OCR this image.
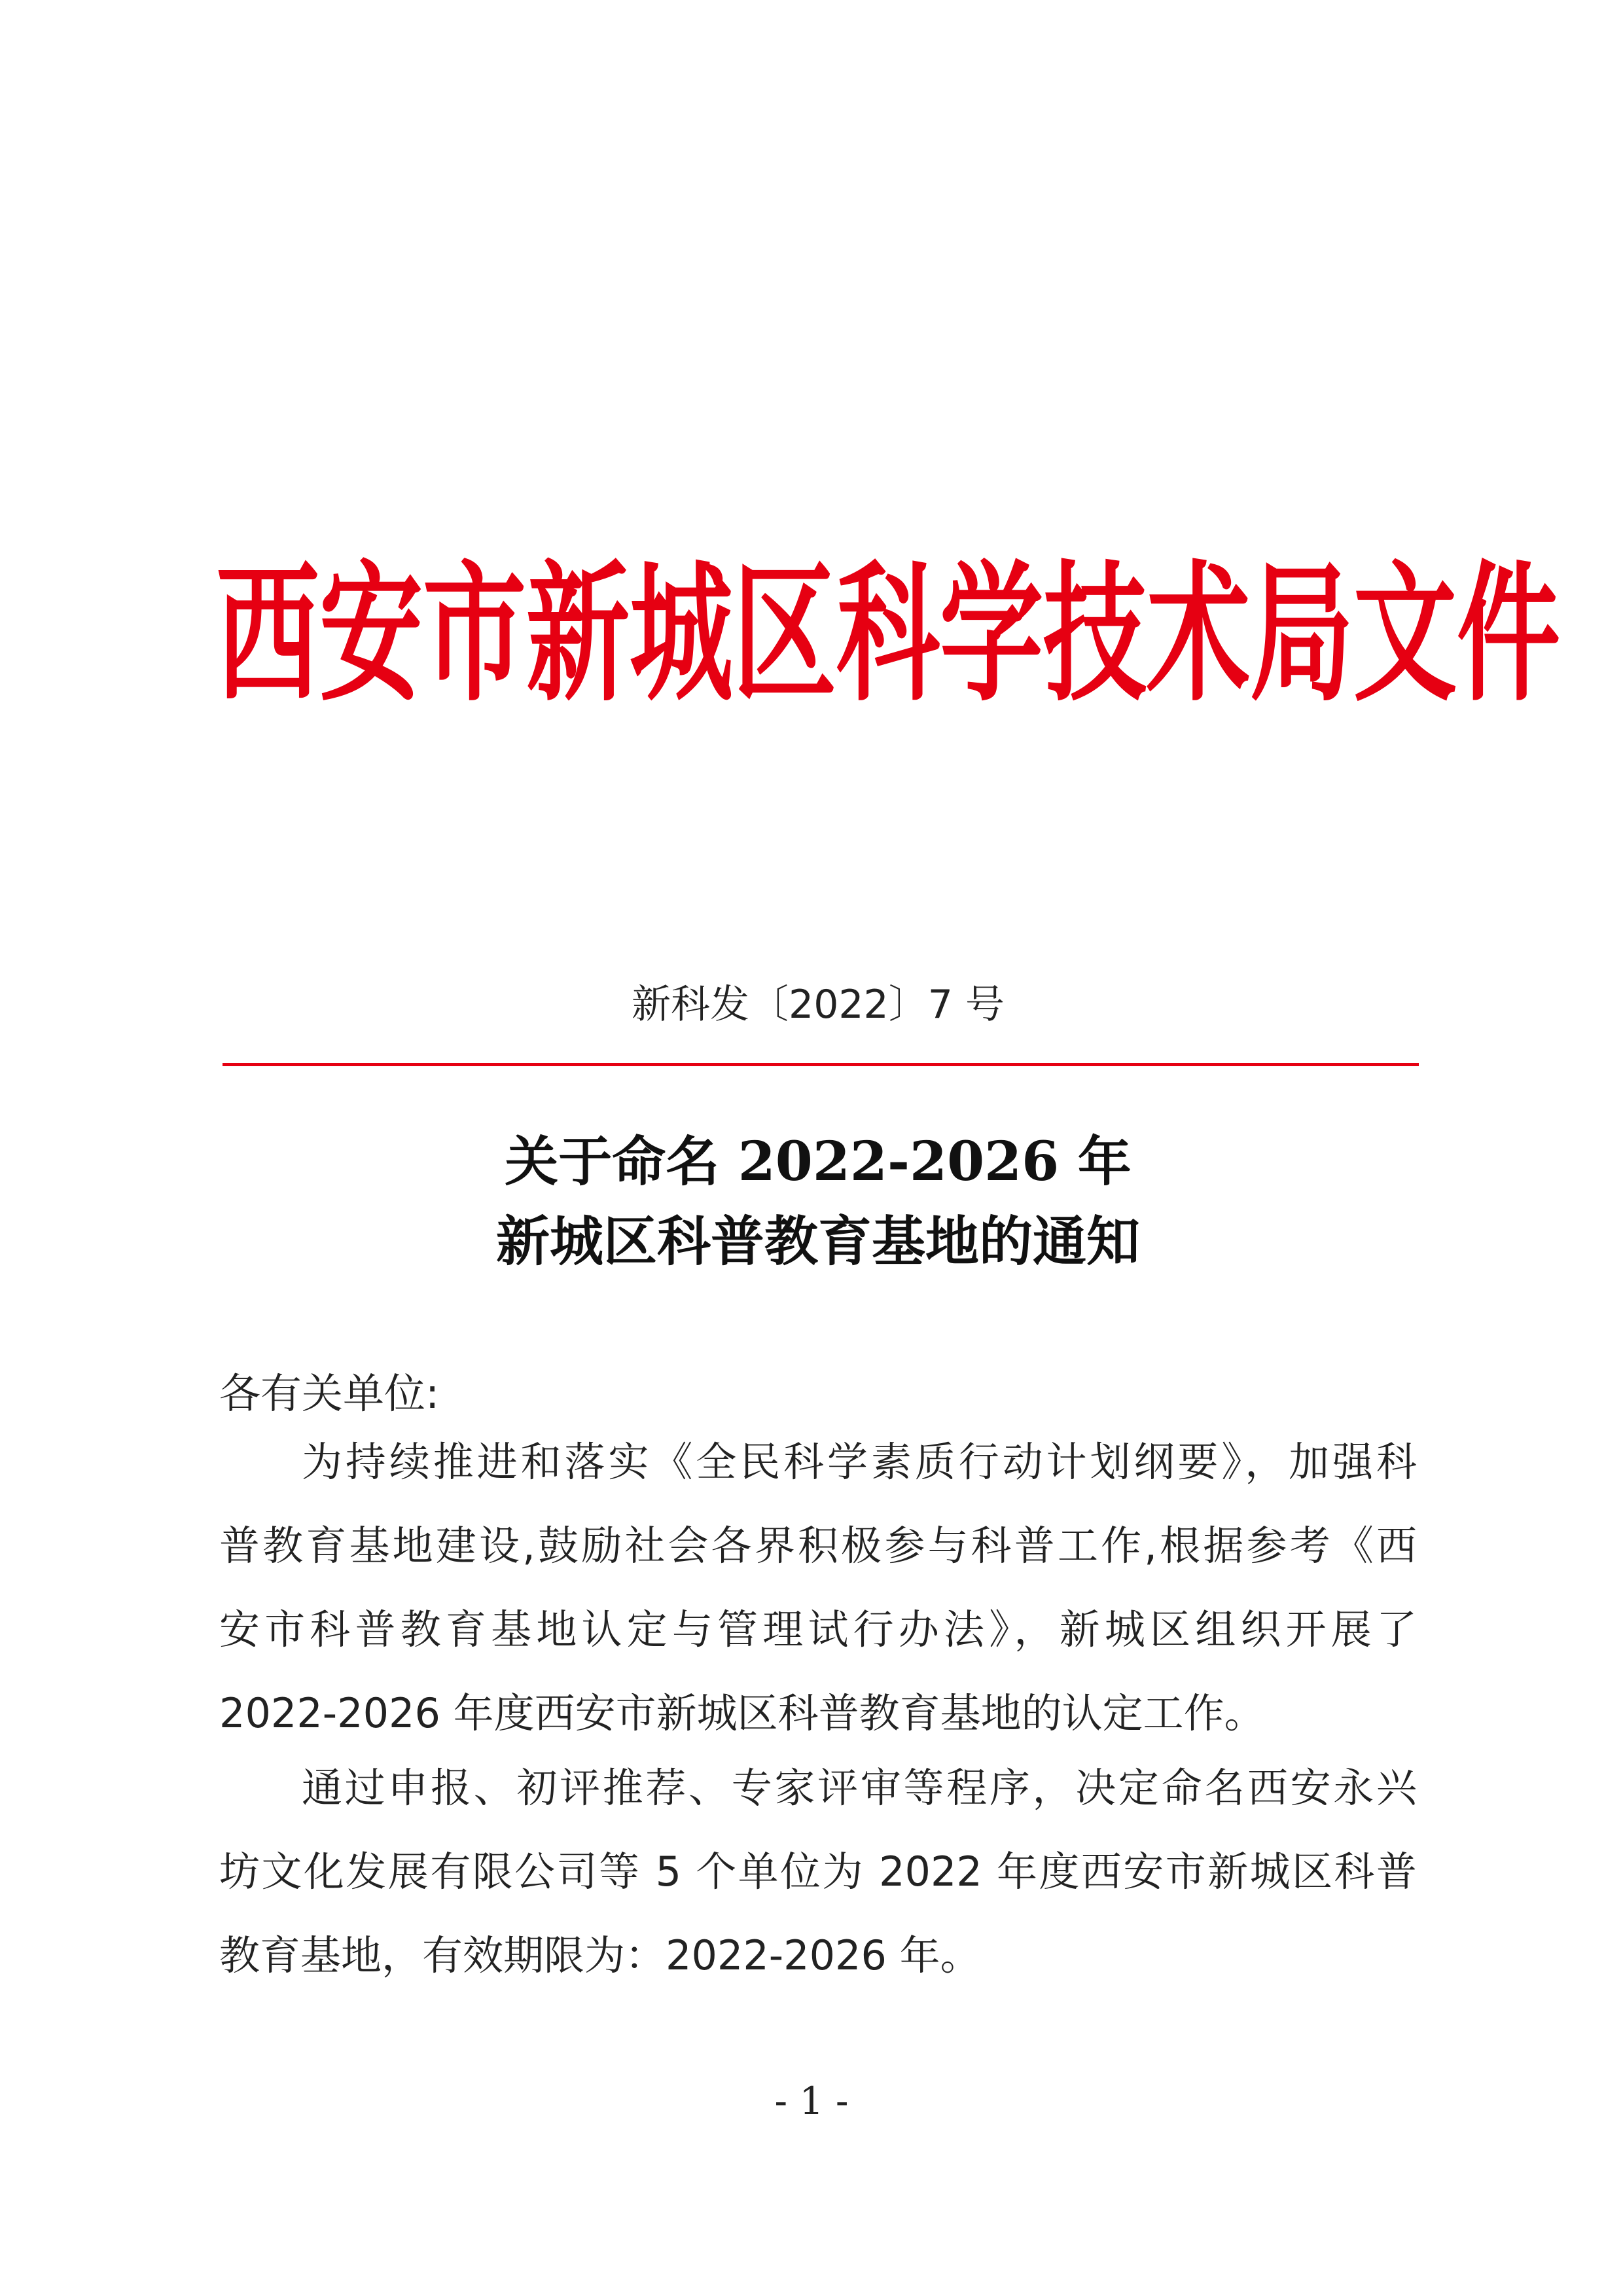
西安市新城区科学技术局文件
新科发〔2022〕7 号
关于命名 2022-2026 年
新城区科普教育基地的通知
各有关单位:
为持续推进和落实《全民科学素质行动计划纲要》，加强科
普教育基地建设,鼓励社会各界积极参与科普工作,根据参考《西
安市科普教育基地认定与管理试行办法》，新城区组织开展了
2022-2026 年度西安市新城区科普教育基地的认定工作。
通过申报、初评推荐、专家评审等程序，决定命名西安永兴
坊文化发展有限公司等 5 个单位为 2022 年度西安市新城区科普
教育基地，有效期限为：2022-2026 年。
- 1 -
